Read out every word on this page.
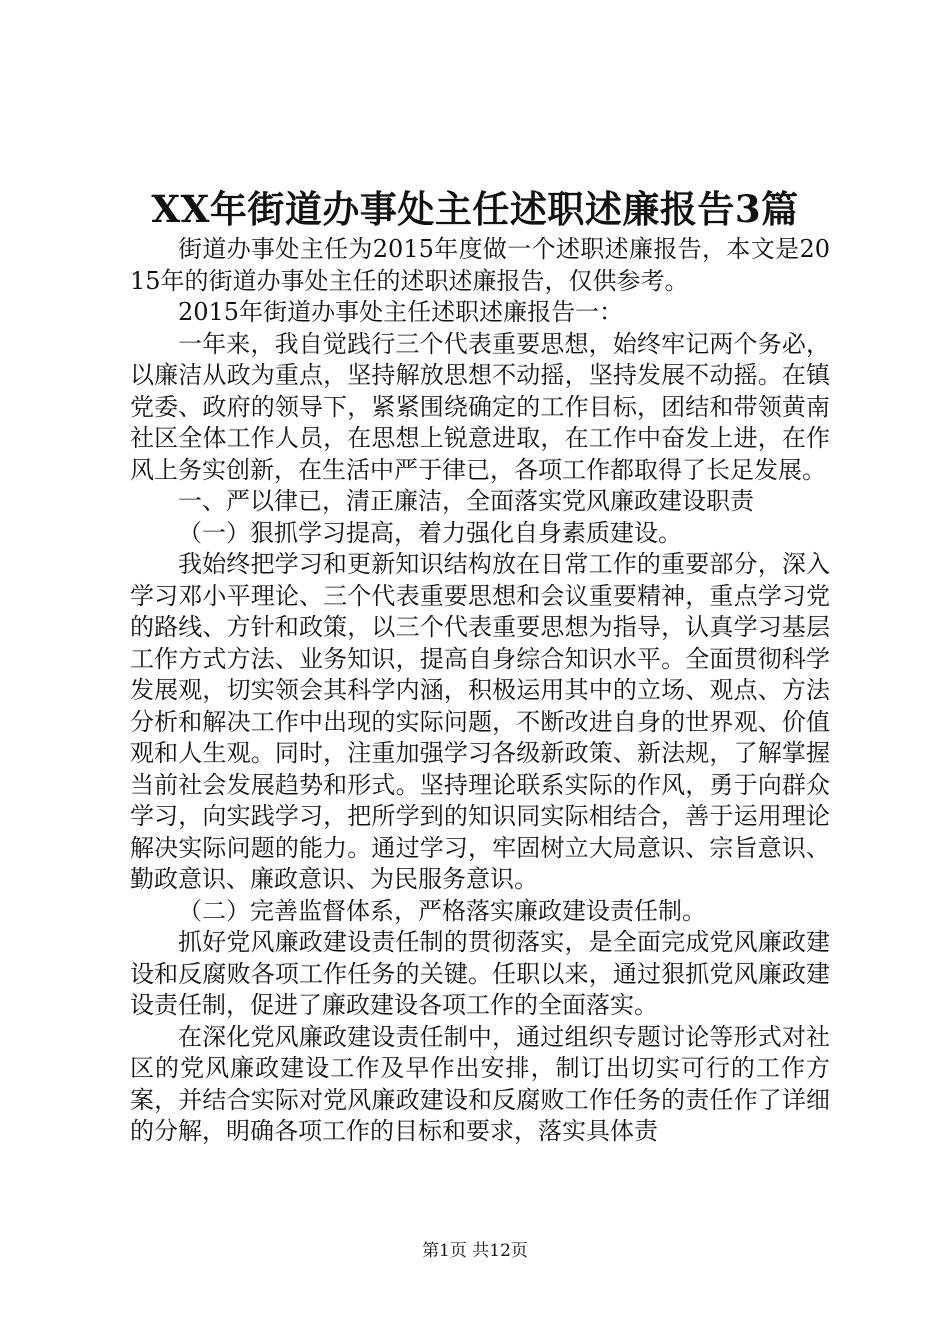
XX年街道办事处主任述职述廉报告3篇

街道办事处主任为2015年度做一个述职述廉报告，本文是2015年的街道办事处主任的述职述廉报告，仅供参考。

2015年街道办事处主任述职述廉报告一：

一年来，我自觉践行三个代表重要思想，始终牢记两个务必，以廉洁从政为重点，坚持解放思想不动摇，坚持发展不动摇。在镇党委、政府的领导下，紧紧围绕确定的工作目标，团结和带领黄南社区全体工作人员，在思想上锐意进取，在工作中奋发上进，在作风上务实创新，在生活中严于律已，各项工作都取得了长足发展。

一、严以律已，清正廉洁，全面落实党风廉政建设职责

（一）狠抓学习提高，着力强化自身素质建设。

我始终把学习和更新知识结构放在日常工作的重要部分，深入学习邓小平理论、三个代表重要思想和会议重要精神，重点学习党的路线、方针和政策，以三个代表重要思想为指导，认真学习基层工作方式方法、业务知识，提高自身综合知识水平。全面贯彻科学发展观，切实领会其科学内涵，积极运用其中的立场、观点、方法分析和解决工作中出现的实际问题，不断改进自身的世界观、价值观和人生观。同时，注重加强学习各级新政策、新法规，了解掌握当前社会发展趋势和形式。坚持理论联系实际的作风，勇于向群众学习，向实践学习，把所学到的知识同实际相结合，善于运用理论解决实际问题的能力。通过学习，牢固树立大局意识、宗旨意识、勤政意识、廉政意识、为民服务意识。

（二）完善监督体系，严格落实廉政建设责任制。

抓好党风廉政建设责任制的贯彻落实，是全面完成党风廉政建设和反腐败各项工作任务的关键。任职以来，通过狠抓党风廉政建设责任制，促进了廉政建设各项工作的全面落实。

在深化党风廉政建设责任制中，通过组织专题讨论等形式对社区的党风廉政建设工作及早作出安排，制订出切实可行的工作方案，并结合实际对党风廉政建设和反腐败工作任务的责任作了详细的分解，明确各项工作的目标和要求，落实具体责

第1页 共12页
